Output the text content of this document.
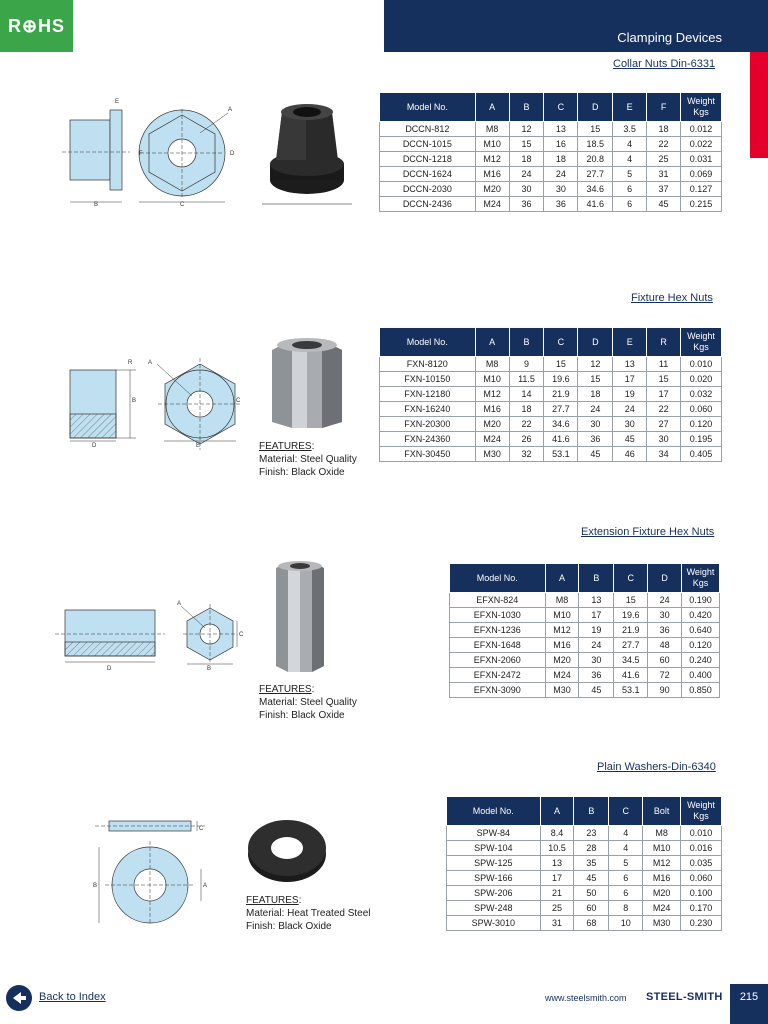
R⊕HS
Clamping Devices
Collar Nuts Din-6331
E
A
F	D
B	C
Model No.	A	B	C	D	E	F	Weight
Kgs
DCCN-812	M8	12	13	15	3.5	18	0.012
DCCN-1015	M10	15	16	18.5	4	22	0.022
DCCN-1218	M12	18	18	20.8	4	25	0.031
DCCN-1624	M16	24	24	27.7	5	31	0.069
DCCN-2030	M20	30	30	34.6	6	37	0.127
DCCN-2436	M24	36	36	41.6	6	45	0.215
Fixture Hex Nuts
R	A
B	C
D	E	FEATURES:
Material: Steel Quality
Finish: Black Oxide
Model No.	A	B	C	D	E	R	Weight
Kgs
FXN-8120	M8	9	15	12	13	11	0.010
FXN-10150	M10	11.5	19.6	15	17	15	0.020
FXN-12180	M12	14	21.9	18	19	17	0.032
FXN-16240	M16	18	27.7	24	24	22	0.060
FXN-20300	M20	22	34.6	30	30	27	0.120
FXN-24360	M24	26	41.6	36	45	30	0.195
FXN-30450	M30	32	53.1	45	46	34	0.405
Extension Fixture Hex Nuts
A
C
D	B
FEATURES:
Material: Steel Quality
Finish: Black Oxide
Model No.	A	B	C	D	Weight
Kgs
EFXN-824	M8	13	15	24	0.190
EFXN-1030	M10	17	19.6	30	0.420
EFXN-1236	M12	19	21.9	36	0.640
EFXN-1648	M16	24	27.7	48	0.120
EFXN-2060	M20	30	34.5	60	0.240
EFXN-2472	M24	36	41.6	72	0.400
EFXN-3090	M30	45	53.1	90	0.850
Plain Washers-Din-6340
C
B	A
FEATURES:
Material: Heat Treated Steel
Finish: Black Oxide
Model No.	A	B	C	Bolt	Weight
Kgs
SPW-84	8.4	23	4	M8	0.010
SPW-104	10.5	28	4	M10	0.016
SPW-125	13	35	5	M12	0.035
SPW-166	17	45	6	M16	0.060
SPW-206	21	50	6	M20	0.100
SPW-248	25	60	8	M24	0.170
SPW-3010	31	68	10	M30	0.230
Back to Index	www.steelsmith.com STEEL-SMITH	215
